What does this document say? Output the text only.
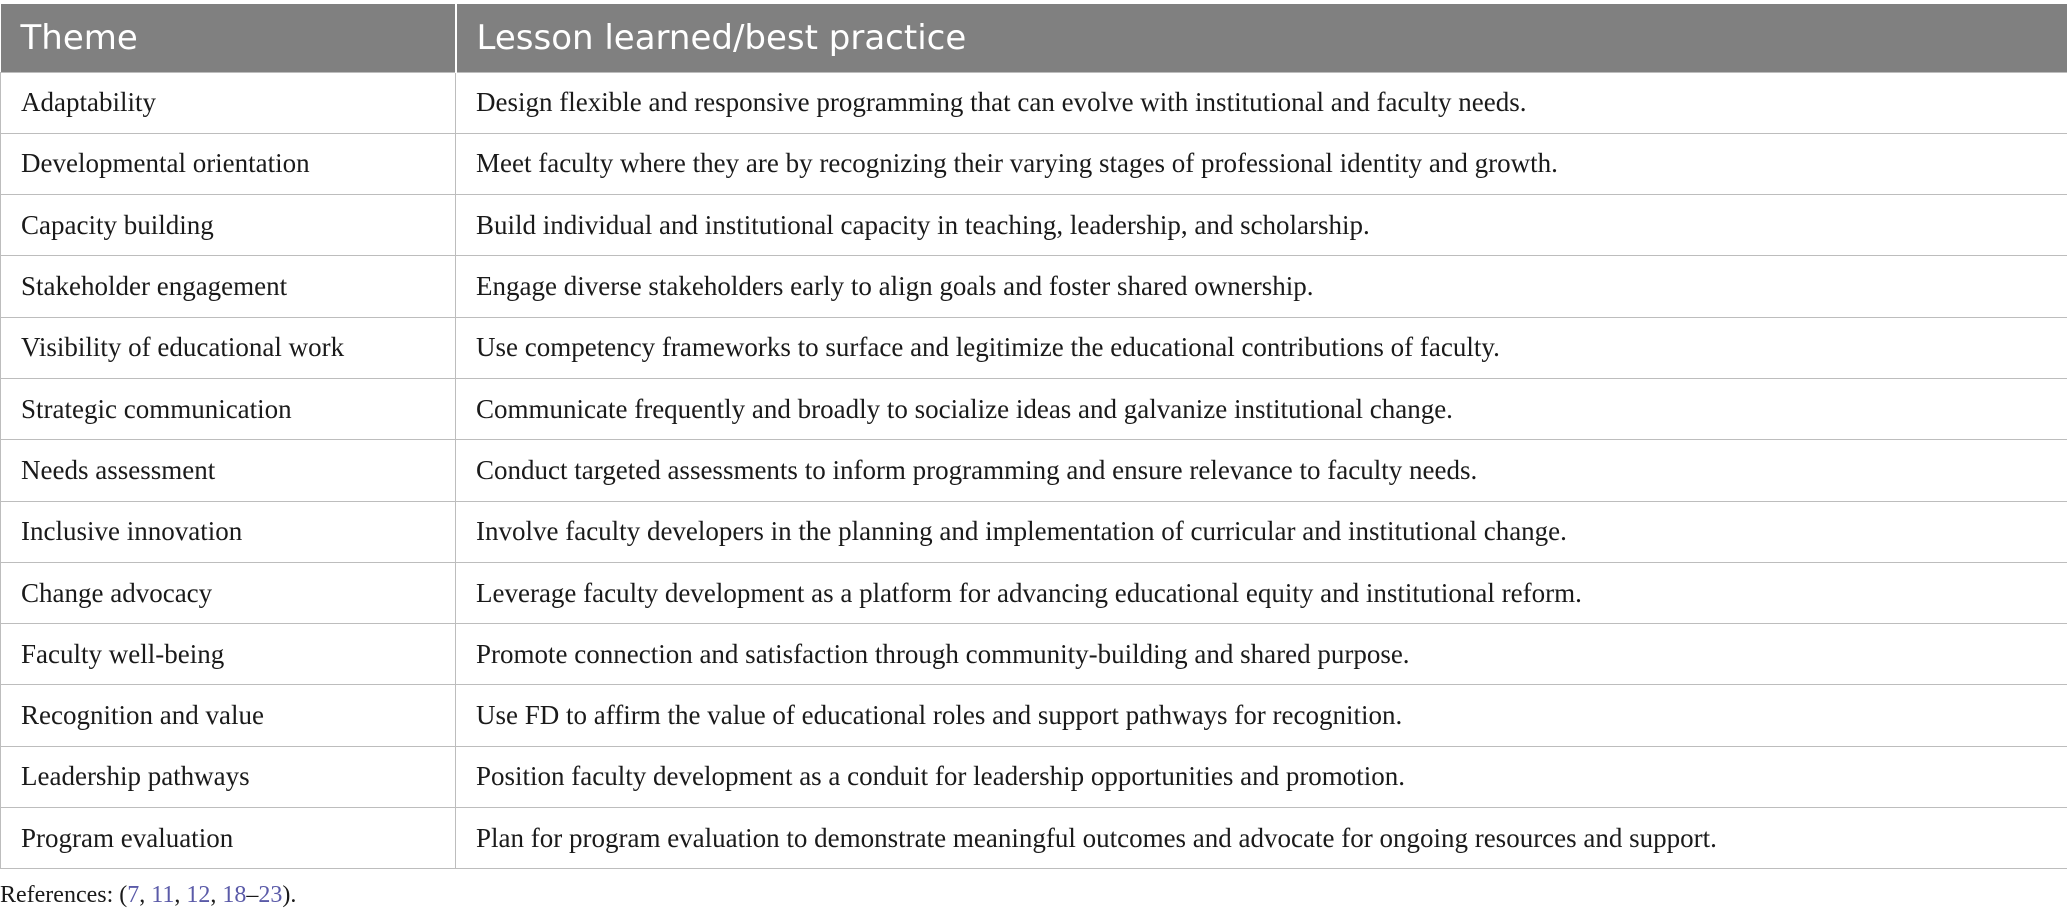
Theme	Lesson learned/best practice
Adaptability	Design flexible and responsive programming that can evolve with institutional and faculty needs.
Developmental orientation	Meet faculty where they are by recognizing their varying stages of professional identity and growth.
Capacity building	Build individual and institutional capacity in teaching, leadership, and scholarship.
Stakeholder engagement	Engage diverse stakeholders early to align goals and foster shared ownership.
Visibility of educational work	Use competency frameworks to surface and legitimize the educational contributions of faculty.
Strategic communication	Communicate frequently and broadly to socialize ideas and galvanize institutional change.
Needs assessment	Conduct targeted assessments to inform programming and ensure relevance to faculty needs.
Inclusive innovation	Involve faculty developers in the planning and implementation of curricular and institutional change.
Change advocacy	Leverage faculty development as a platform for advancing educational equity and institutional reform.
Faculty well-being	Promote connection and satisfaction through community-building and shared purpose.
Recognition and value	Use FD to affirm the value of educational roles and support pathways for recognition.
Leadership pathways	Position faculty development as a conduit for leadership opportunities and promotion.
Program evaluation	Plan for program evaluation to demonstrate meaningful outcomes and advocate for ongoing resources and support.
References: (7, 11, 12, 18–23).
